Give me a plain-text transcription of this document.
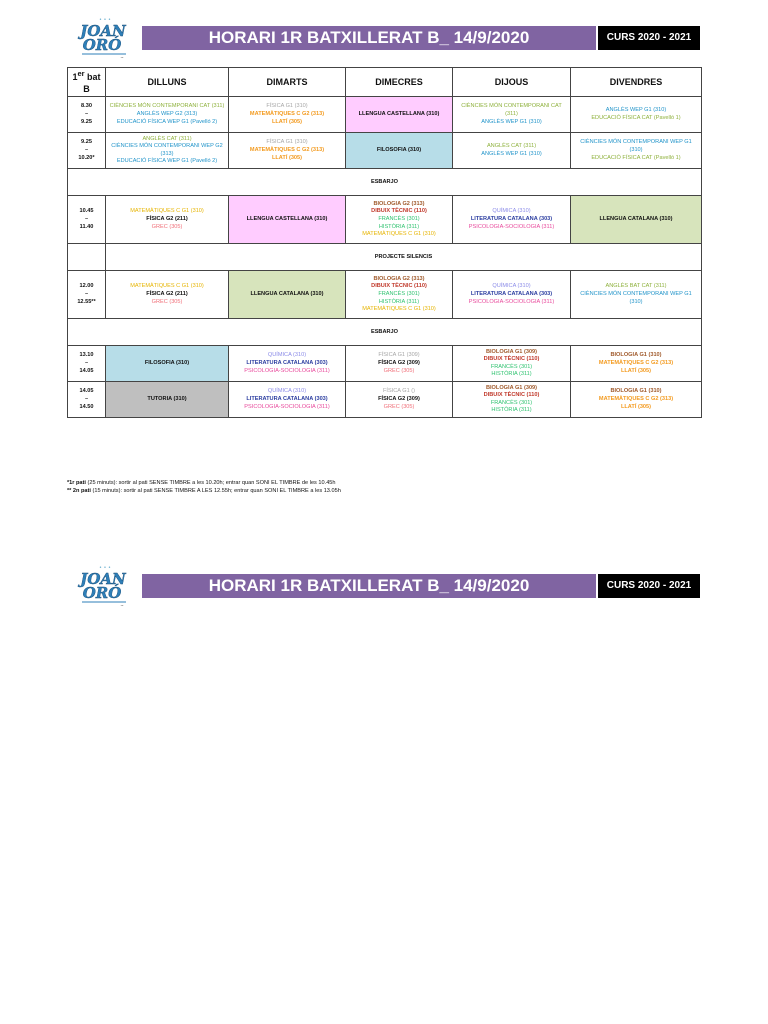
• • •
JOAN
ORÓ
~
HORARI 1R BATXILLERAT B_ 14/9/2020	CURS 2020 - 2021
1er bat
B	DILLUNS	DIMARTS	DIMECRES	DIJOUS	DIVENDRES

8.30
–
9.25	CIÈNCIES MÓN CONTEMPORANI CAT (311)
ANGLÈS WEP G2 (313)
EDUCACIÓ FÍSICA WEP G1 (Pavelló 2)	FÍSICA G1 (310)
MATEMÀTIQUES C G2 (313)
LLATÍ (305)	LLENGUA CASTELLANA (310)	CIÈNCIES MÓN CONTEMPORANI CAT (311)
ANGLÈS WEP G1 (310)	ANGLÈS WEP G1 (310)
EDUCACIÓ FÍSICA CAT (Pavelló 1)

9.25
–
10.20*	ANGLÈS CAT (311)
CIÈNCIES MÓN CONTEMPORANI WEP G2 (313)
EDUCACIÓ FÍSICA WEP G1 (Pavelló 2)	FÍSICA G1 (310)
MATEMÀTIQUES C G2 (313)
LLATÍ (305)	FILOSOFIA (310)	ANGLÈS CAT (311)
ANGLÈS WEP G1 (310)	CIÈNCIES MÓN CONTEMPORANI WEP G1 (310)
EDUCACIÓ FÍSICA CAT (Pavelló 1)

ESBARJO					

10.45
–
11.40	MATEMÀTIQUES C G1 (310)
FÍSICA G2 (211)
GREC (305)	LLENGUA CASTELLANA (310)	BIOLOGIA G2 (313)
DIBUIX TÈCNIC (110)
FRANCÈS (301)
HISTÒRIA (311)
MATEMÀTIQUES C G1 (310)	QUÍMICA (310)
LITERATURA CATALANA (303)
PSICOLOGIA-SOCIOLOGIA (311)	LLENGUA CATALANA (310)

	PROJECTE SILENCIS				

12.00
–
12.55**	MATEMÀTIQUES C G1 (310)
FÍSICA G2 (211)
GREC (305)	LLENGUA CATALANA (310)	BIOLOGIA G2 (313)
DIBUIX TÈCNIC (110)
FRANCÈS (301)
HISTÒRIA (311)
MATEMÀTIQUES C G1 (310)	QUÍMICA (310)
LITERATURA CATALANA (303)
PSICOLOGIA-SOCIOLOGIA (311)	ANGLÈS BAT CAT (311)
CIÈNCIES MÓN CONTEMPORANI WEP G1 (310)

ESBARJO					

13.10
–
14.05	FILOSOFIA (310)	QUÍMICA (310)
LITERATURA CATALANA (303)
PSICOLOGIA-SOCIOLOGIA (311)	FÍSICA G1 (309)
FÍSICA G2 (309)
GREC (305)	BIOLOGIA G1 (309)
DIBUIX TÈCNIC (110)
FRANCÈS (301)
HISTÒRIA (311)	BIOLOGIA G1 (310)
MATEMÀTIQUES C G2 (313)
LLATÍ (305)

14.05
–
14.50	TUTORIA (310)	QUÍMICA (310)
LITERATURA CATALANA (303)
PSICOLOGIA-SOCIOLOGIA (311)	FÍSICA G1 ()
FÍSICA G2 (309)
GREC (305)	BIOLOGIA G1 (309)
DIBUIX TÈCNIC (110)
FRANCÈS (301)
HISTÒRIA (311)	BIOLOGIA G1 (310)
MATEMÀTIQUES C G2 (313)
LLATÍ (305)
*1r pati (25 minuts): sortir al pati SENSE TIMBRE a les 10.20h; entrar quan SONI EL TIMBRE de les 10.45h
** 2n pati (15 minuts): sortir al pati SENSE TIMBRE A LES 12.55h; entrar quan SONI EL TIMBRE a les 13.05h
• • •
JOAN
ORÓ
~
HORARI 1R BATXILLERAT B_ 14/9/2020	CURS 2020 - 2021
